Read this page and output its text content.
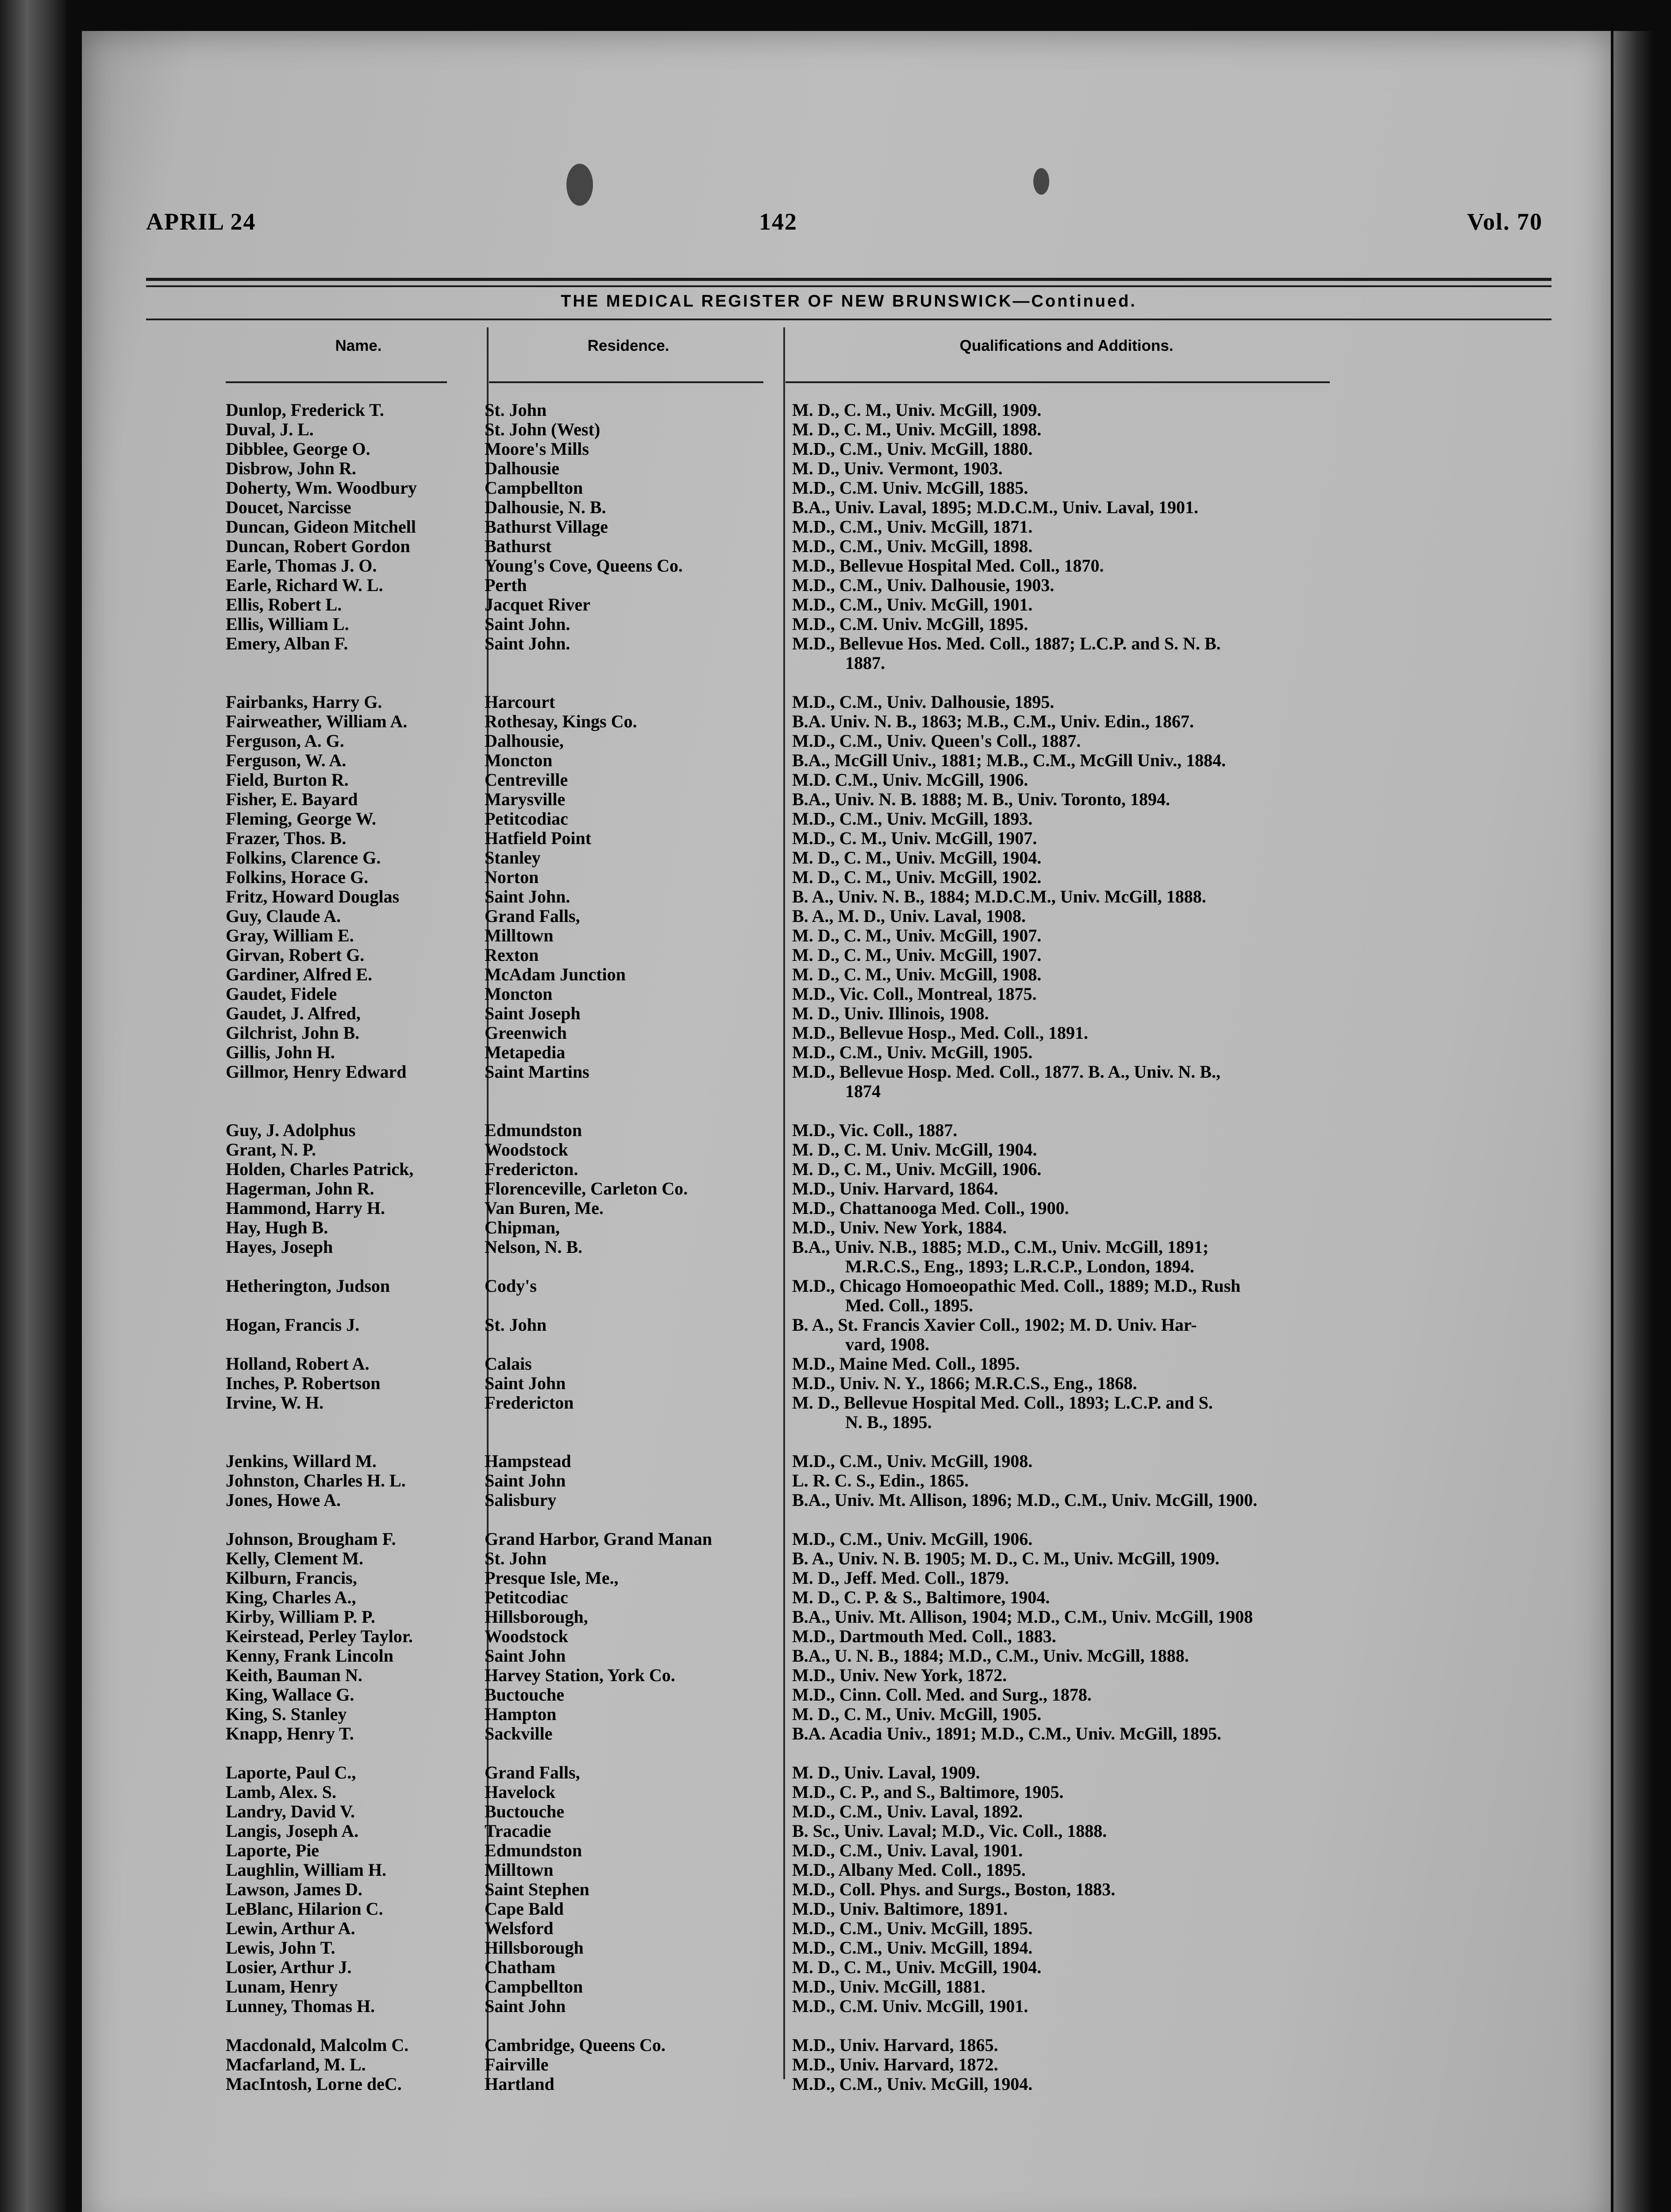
APRIL 24	142	Vol. 70
THE MEDICAL REGISTER OF NEW BRUNSWICK—Continued.
Name.	Residence.	Qualifications and Additions.
Dunlop, Frederick T.	St. John	M. D., C. M., Univ. McGill, 1909.
Duval, J. L.	St. John (West)	M. D., C. M., Univ. McGill, 1898.
Dibblee, George O.	Moore's Mills	M.D., C.M., Univ. McGill, 1880.
Disbrow, John R.	Dalhousie	M. D., Univ. Vermont, 1903.
Doherty, Wm. Woodbury	Campbellton	M.D., C.M. Univ. McGill, 1885.
Doucet, Narcisse	Dalhousie, N. B.	B.A., Univ. Laval, 1895; M.D.C.M., Univ. Laval, 1901.
Duncan, Gideon Mitchell	Bathurst Village	M.D., C.M., Univ. McGill, 1871.
Duncan, Robert Gordon	Bathurst	M.D., C.M., Univ. McGill, 1898.
Earle, Thomas J. O.	Young's Cove, Queens Co.	M.D., Bellevue Hospital Med. Coll., 1870.
Earle, Richard W. L.	Perth	M.D., C.M., Univ. Dalhousie, 1903.
Ellis, Robert L.	Jacquet River	M.D., C.M., Univ. McGill, 1901.
Ellis, William L.	Saint John.	M.D., C.M. Univ. McGill, 1895.
Emery, Alban F.	Saint John.	M.D., Bellevue Hos. Med. Coll., 1887; L.C.P. and S. N. B.
1887.
Fairbanks, Harry G.	Harcourt	M.D., C.M., Univ. Dalhousie, 1895.
Fairweather, William A.	Rothesay, Kings Co.	B.A. Univ. N. B., 1863; M.B., C.M., Univ. Edin., 1867.
Ferguson, A. G.	Dalhousie,	M.D., C.M., Univ. Queen's Coll., 1887.
Ferguson, W. A.	Moncton	B.A., McGill Univ., 1881; M.B., C.M., McGill Univ., 1884.
Field, Burton R.	Centreville	M.D. C.M., Univ. McGill, 1906.
Fisher, E. Bayard	Marysville	B.A., Univ. N. B. 1888; M. B., Univ. Toronto, 1894.
Fleming, George W.	Petitcodiac	M.D., C.M., Univ. McGill, 1893.
Frazer, Thos. B.	Hatfield Point	M.D., C. M., Univ. McGill, 1907.
Folkins, Clarence G.	Stanley	M. D., C. M., Univ. McGill, 1904.
Folkins, Horace G.	Norton	M. D., C. M., Univ. McGill, 1902.
Fritz, Howard Douglas	Saint John.	B. A., Univ. N. B., 1884; M.D.C.M., Univ. McGill, 1888.
Guy, Claude A.	Grand Falls,	B. A., M. D., Univ. Laval, 1908.
Gray, William E.	Milltown	M. D., C. M., Univ. McGill, 1907.
Girvan, Robert G.	Rexton	M. D., C. M., Univ. McGill, 1907.
Gardiner, Alfred E.	McAdam Junction	M. D., C. M., Univ. McGill, 1908.
Gaudet, Fidele	Moncton	M.D., Vic. Coll., Montreal, 1875.
Gaudet, J. Alfred,	Saint Joseph	M. D., Univ. Illinois, 1908.
Gilchrist, John B.	Greenwich	M.D., Bellevue Hosp., Med. Coll., 1891.
Gillis, John H.	Metapedia	M.D., C.M., Univ. McGill, 1905.
Gillmor, Henry Edward	Saint Martins	M.D., Bellevue Hosp. Med. Coll., 1877. B. A., Univ. N. B.,
1874
Guy, J. Adolphus	Edmundston	M.D., Vic. Coll., 1887.
Grant, N. P.	Woodstock	M. D., C. M. Univ. McGill, 1904.
Holden, Charles Patrick,	Fredericton.	M. D., C. M., Univ. McGill, 1906.
Hagerman, John R.	Florenceville, Carleton Co.	M.D., Univ. Harvard, 1864.
Hammond, Harry H.	Van Buren, Me.	M.D., Chattanooga Med. Coll., 1900.
Hay, Hugh B.	Chipman,	M.D., Univ. New York, 1884.
Hayes, Joseph	Nelson, N. B.	B.A., Univ. N.B., 1885; M.D., C.M., Univ. McGill, 1891;
M.R.C.S., Eng., 1893; L.R.C.P., London, 1894.
Hetherington, Judson	Cody's	M.D., Chicago Homoeopathic Med. Coll., 1889; M.D., Rush
Med. Coll., 1895.
Hogan, Francis J.	St. John	B. A., St. Francis Xavier Coll., 1902; M. D. Univ. Har-
vard, 1908.
Holland, Robert A.	Calais	M.D., Maine Med. Coll., 1895.
Inches, P. Robertson	Saint John	M.D., Univ. N. Y., 1866; M.R.C.S., Eng., 1868.
Irvine, W. H.	Fredericton	M. D., Bellevue Hospital Med. Coll., 1893; L.C.P. and S.
N. B., 1895.
Jenkins, Willard M.	Hampstead	M.D., C.M., Univ. McGill, 1908.
Johnston, Charles H. L.	Saint John	L. R. C. S., Edin., 1865.
Jones, Howe A.	Salisbury	B.A., Univ. Mt. Allison, 1896; M.D., C.M., Univ. McGill, 1900.
Johnson, Brougham F.	Grand Harbor, Grand Manan	M.D., C.M., Univ. McGill, 1906.
Kelly, Clement M.	St. John	B. A., Univ. N. B. 1905; M. D., C. M., Univ. McGill, 1909.
Kilburn, Francis,	Presque Isle, Me.,	M. D., Jeff. Med. Coll., 1879.
King, Charles A.,	Petitcodiac	M. D., C. P. & S., Baltimore, 1904.
Kirby, William P. P.	Hillsborough,	B.A., Univ. Mt. Allison, 1904; M.D., C.M., Univ. McGill, 1908
Keirstead, Perley Taylor.	Woodstock	M.D., Dartmouth Med. Coll., 1883.
Kenny, Frank Lincoln	Saint John	B.A., U. N. B., 1884; M.D., C.M., Univ. McGill, 1888.
Keith, Bauman N.	Harvey Station, York Co.	M.D., Univ. New York, 1872.
King, Wallace G.	Buctouche	M.D., Cinn. Coll. Med. and Surg., 1878.
King, S. Stanley	Hampton	M. D., C. M., Univ. McGill, 1905.
Knapp, Henry T.	Sackville	B.A. Acadia Univ., 1891; M.D., C.M., Univ. McGill, 1895.
Laporte, Paul C.,	Grand Falls,	M. D., Univ. Laval, 1909.
Lamb, Alex. S.	Havelock	M.D., C. P., and S., Baltimore, 1905.
Landry, David V.	Buctouche	M.D., C.M., Univ. Laval, 1892.
Langis, Joseph A.	Tracadie	B. Sc., Univ. Laval; M.D., Vic. Coll., 1888.
Laporte, Pie	Edmundston	M.D., C.M., Univ. Laval, 1901.
Laughlin, William H.	Milltown	M.D., Albany Med. Coll., 1895.
Lawson, James D.	Saint Stephen	M.D., Coll. Phys. and Surgs., Boston, 1883.
LeBlanc, Hilarion C.	Cape Bald	M.D., Univ. Baltimore, 1891.
Lewin, Arthur A.	Welsford	M.D., C.M., Univ. McGill, 1895.
Lewis, John T.	Hillsborough	M.D., C.M., Univ. McGill, 1894.
Losier, Arthur J.	Chatham	M. D., C. M., Univ. McGill, 1904.
Lunam, Henry	Campbellton	M.D., Univ. McGill, 1881.
Lunney, Thomas H.	Saint John	M.D., C.M. Univ. McGill, 1901.
Macdonald, Malcolm C.	Cambridge, Queens Co.	M.D., Univ. Harvard, 1865.
Macfarland, M. L.	Fairville	M.D., Univ. Harvard, 1872.
MacIntosh, Lorne deC.	Hartland	M.D., C.M., Univ. McGill, 1904.
